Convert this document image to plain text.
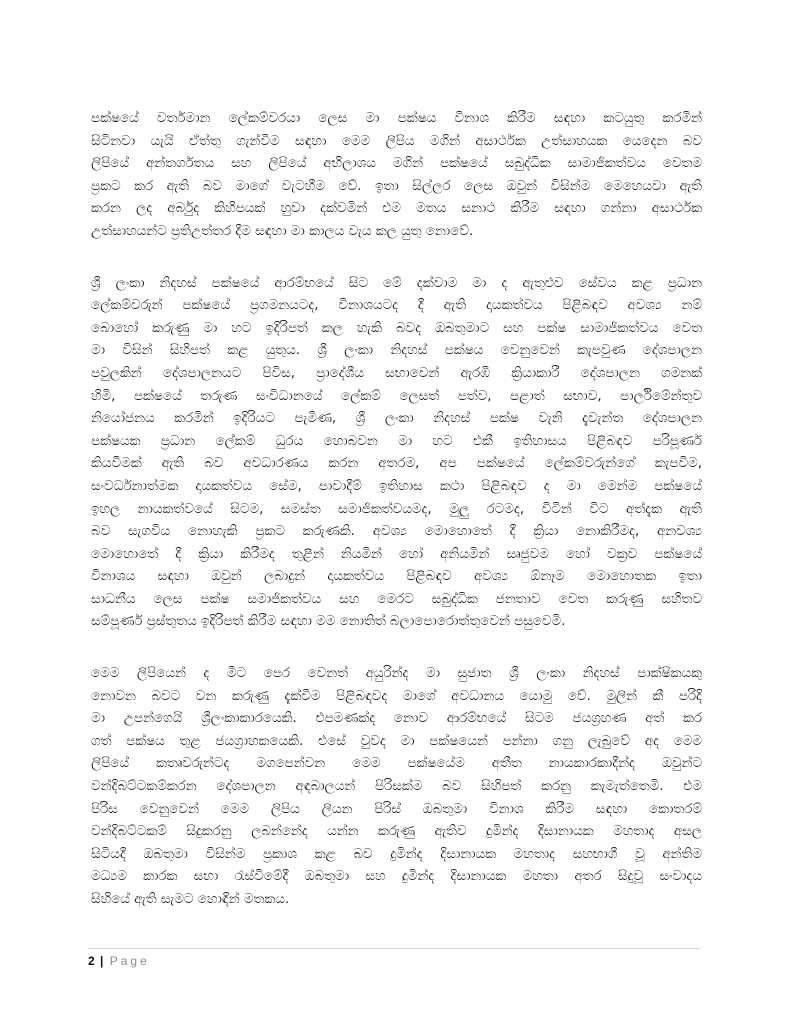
පක්ෂයේ වර්තමාන ලේකම්වරයා ලෙස මා පක්ෂය විනාශ කිරීම සඳහා කටයුතු කරමින්
සිටිනවා යැයි ඒත්තු ගැන්වීම සඳහා මෙම ලිපිය මගින් අසාර්ථක උත්සාහයක යෙදෙන බව
ලිපියේ අන්තර්ගතය සහ ලිපියේ අභිලාශය මගින් පක්ෂයේ සබුද්ධික සාමාජිකත්වය වෙතම
ප්‍රකට කර ඇති බව මාගේ වැටහීම වේ. ඉතා සිල්ලර ලෙස ඔවුන් විසින්ම මෙහෙයවා ඇති
කරන ලද අර්බුද කිහිපයක් හුවා දක්වමින් එම මතය සනාථ කිරීම සඳහා ගන්නා අසාර්ථක
උත්සාහයන්ට ප්‍රතිඋත්තර දීම සඳහා මා කාලය වැය කල යුතු නොවේ.
ශ්‍රී ලංකා නිදහස් පක්ෂයේ ආරම්භයේ සිට මේ දක්වාම මා ද ඇතුළුව සේවය කළ ප්‍රධාන
ලේකම්වරුන් පක්ෂයේ ප්‍රගමනයටද, විනාශයටද දී ඇති දායකත්වය පිළිබඳව අවශ්‍ය නම්
බොහෝ කරුණු මා හට ඉදිරිපත් කල හැකි බවද ඔබතුමාට සහ පක්ෂ සාමාජිකත්වය වෙත
මා විසින් සිහිපත් කළ යුතුය. ශ්‍රී ලංකා නිදහස් පක්ෂය වෙනුවෙන් කැපවුණ දේශපාලන
පවුලකින් දේශපාලනයට පිවිස, ප්‍රාදේශීය සභාවෙන් ඇරඹී ක්‍රියාකාරී දේශපාලන ගමනක්
හිමි, පක්ෂයේ තරුණ සංවිධානයේ ලේකම් ලෙසත් පත්ව, පළාත් සභාව, පාර්ලිමේන්තුව
නියෝජනය කරමින් ඉදිරියට පැමිණ, ශ්‍රී ලංකා නිදහස් පක්ෂ වැනි දැවැන්ත දේශපාලන
පක්ෂයක ප්‍රධාන ලේකම් ධුරය හොබවන මා හට එකී ඉතිහාසය පිළිබඳව පරිපූර්ණ
කියවීමක් ඇති බව අවධාරණය කරන අතරම, අප පක්ෂයේ ලේකම්වරුන්ගේ කැපවීම,
සංවර්ධනාත්මක දායකත්වය සේම, පාවාදීම් ඉතිහාස කථා පිළිබඳව ද මා මෙන්ම පක්ෂයේ
ඉහල නායකත්වයේ සිටම, සමස්ත සමාජිකත්වයමද, මුලු රටමද, විටින් විට අත්දැක ඇති
බව සැගවිය නොහැකි ප්‍රකට කරුණකි. අවශ්‍ය මොහොතේ දී ක්‍රියා නොකිරීමද, අනවශ්‍ය
මොහොතේ දී ක්‍රියා කිරීමද තුළින් නියමින් හෝ අනියමින් සෘජුවම හෝ වක්‍රව පක්ෂයේ
විනාශය සඳහා ඔවුන් ලබාදුන් දායකත්වය පිළිබඳව අවශ්‍ය ඕනෑම මොහොතක ඉතා
සාධනීය ලෙස පක්ෂ සමාජිකත්වය සහ මෙරට සබුද්ධික ජනතාව වෙත කරුණු සහිතව
සම්පූර්ණ ප්‍රස්තුතය ඉදිරිපත් කිරීම සඳහා මම නොතිත් බලාපොරොත්තුවෙන් පසුවෙමි.
මෙම ලිපියෙන් ද මීට පෙර වෙනත් අයුරින්ද මා සුජාත ශ්‍රී ලංකා නිදහස් පාක්ෂිකයකු
නොවන බවට වන කරුණු දැක්වීම පිළිබඳවද මාගේ අවධානය යොමු වේ. මුලින් කී පරිදි
මා උපන්ගෙයි ශ්‍රීලංකාකාරයෙකි. එපමණක්ද නොව ආරම්භයේ සිටම ජයග්‍රහණ අත් කර
ගත් පක්ෂය තුළ ජයග්‍රාහකයෙකි. එසේ වුවද මා පක්ෂයෙන් පන්නා ගනු ලැබුවේ අද මෙම
ලිපියේ කතෘවරුන්ටද මගපෙන්වන මෙම පක්ෂයේම අතීත නායකාරකාදීන්ද ඔවුන්ට
වන්දිබට්ටකම්කරන දේශපාලන අඳබාලයන් පිරිසක්ම බව සිහිපත් කරනු කැමැත්තෙමි. එම
පිරිස වෙනුවෙන් මෙම ලිපිය ලියන පිරිස් ඔබතුමා විනාශ කිරීම සඳහා කොතරම්
වන්දිබට්ටකම් සිදුකරනු ලබන්නේද යන්න කරුණු ඇතිව දුමින්ද දිසානායක මහතාද අසල
සිටියදී ඔබතුමා විසින්ම ප්‍රකාශ කළ බව දුමින්ද දිසානායක මහතාද සහභාගී වූ අන්තිම
මධ්‍යම කාරක සභා රැස්වීමේදී ඔබතුමා සහ දුමින්ද දිසානායක මහතා අතර සිදුවූ සංවාදය
සිහියේ ඇති සැමට හොඳින් මතකය.
2 | Page
